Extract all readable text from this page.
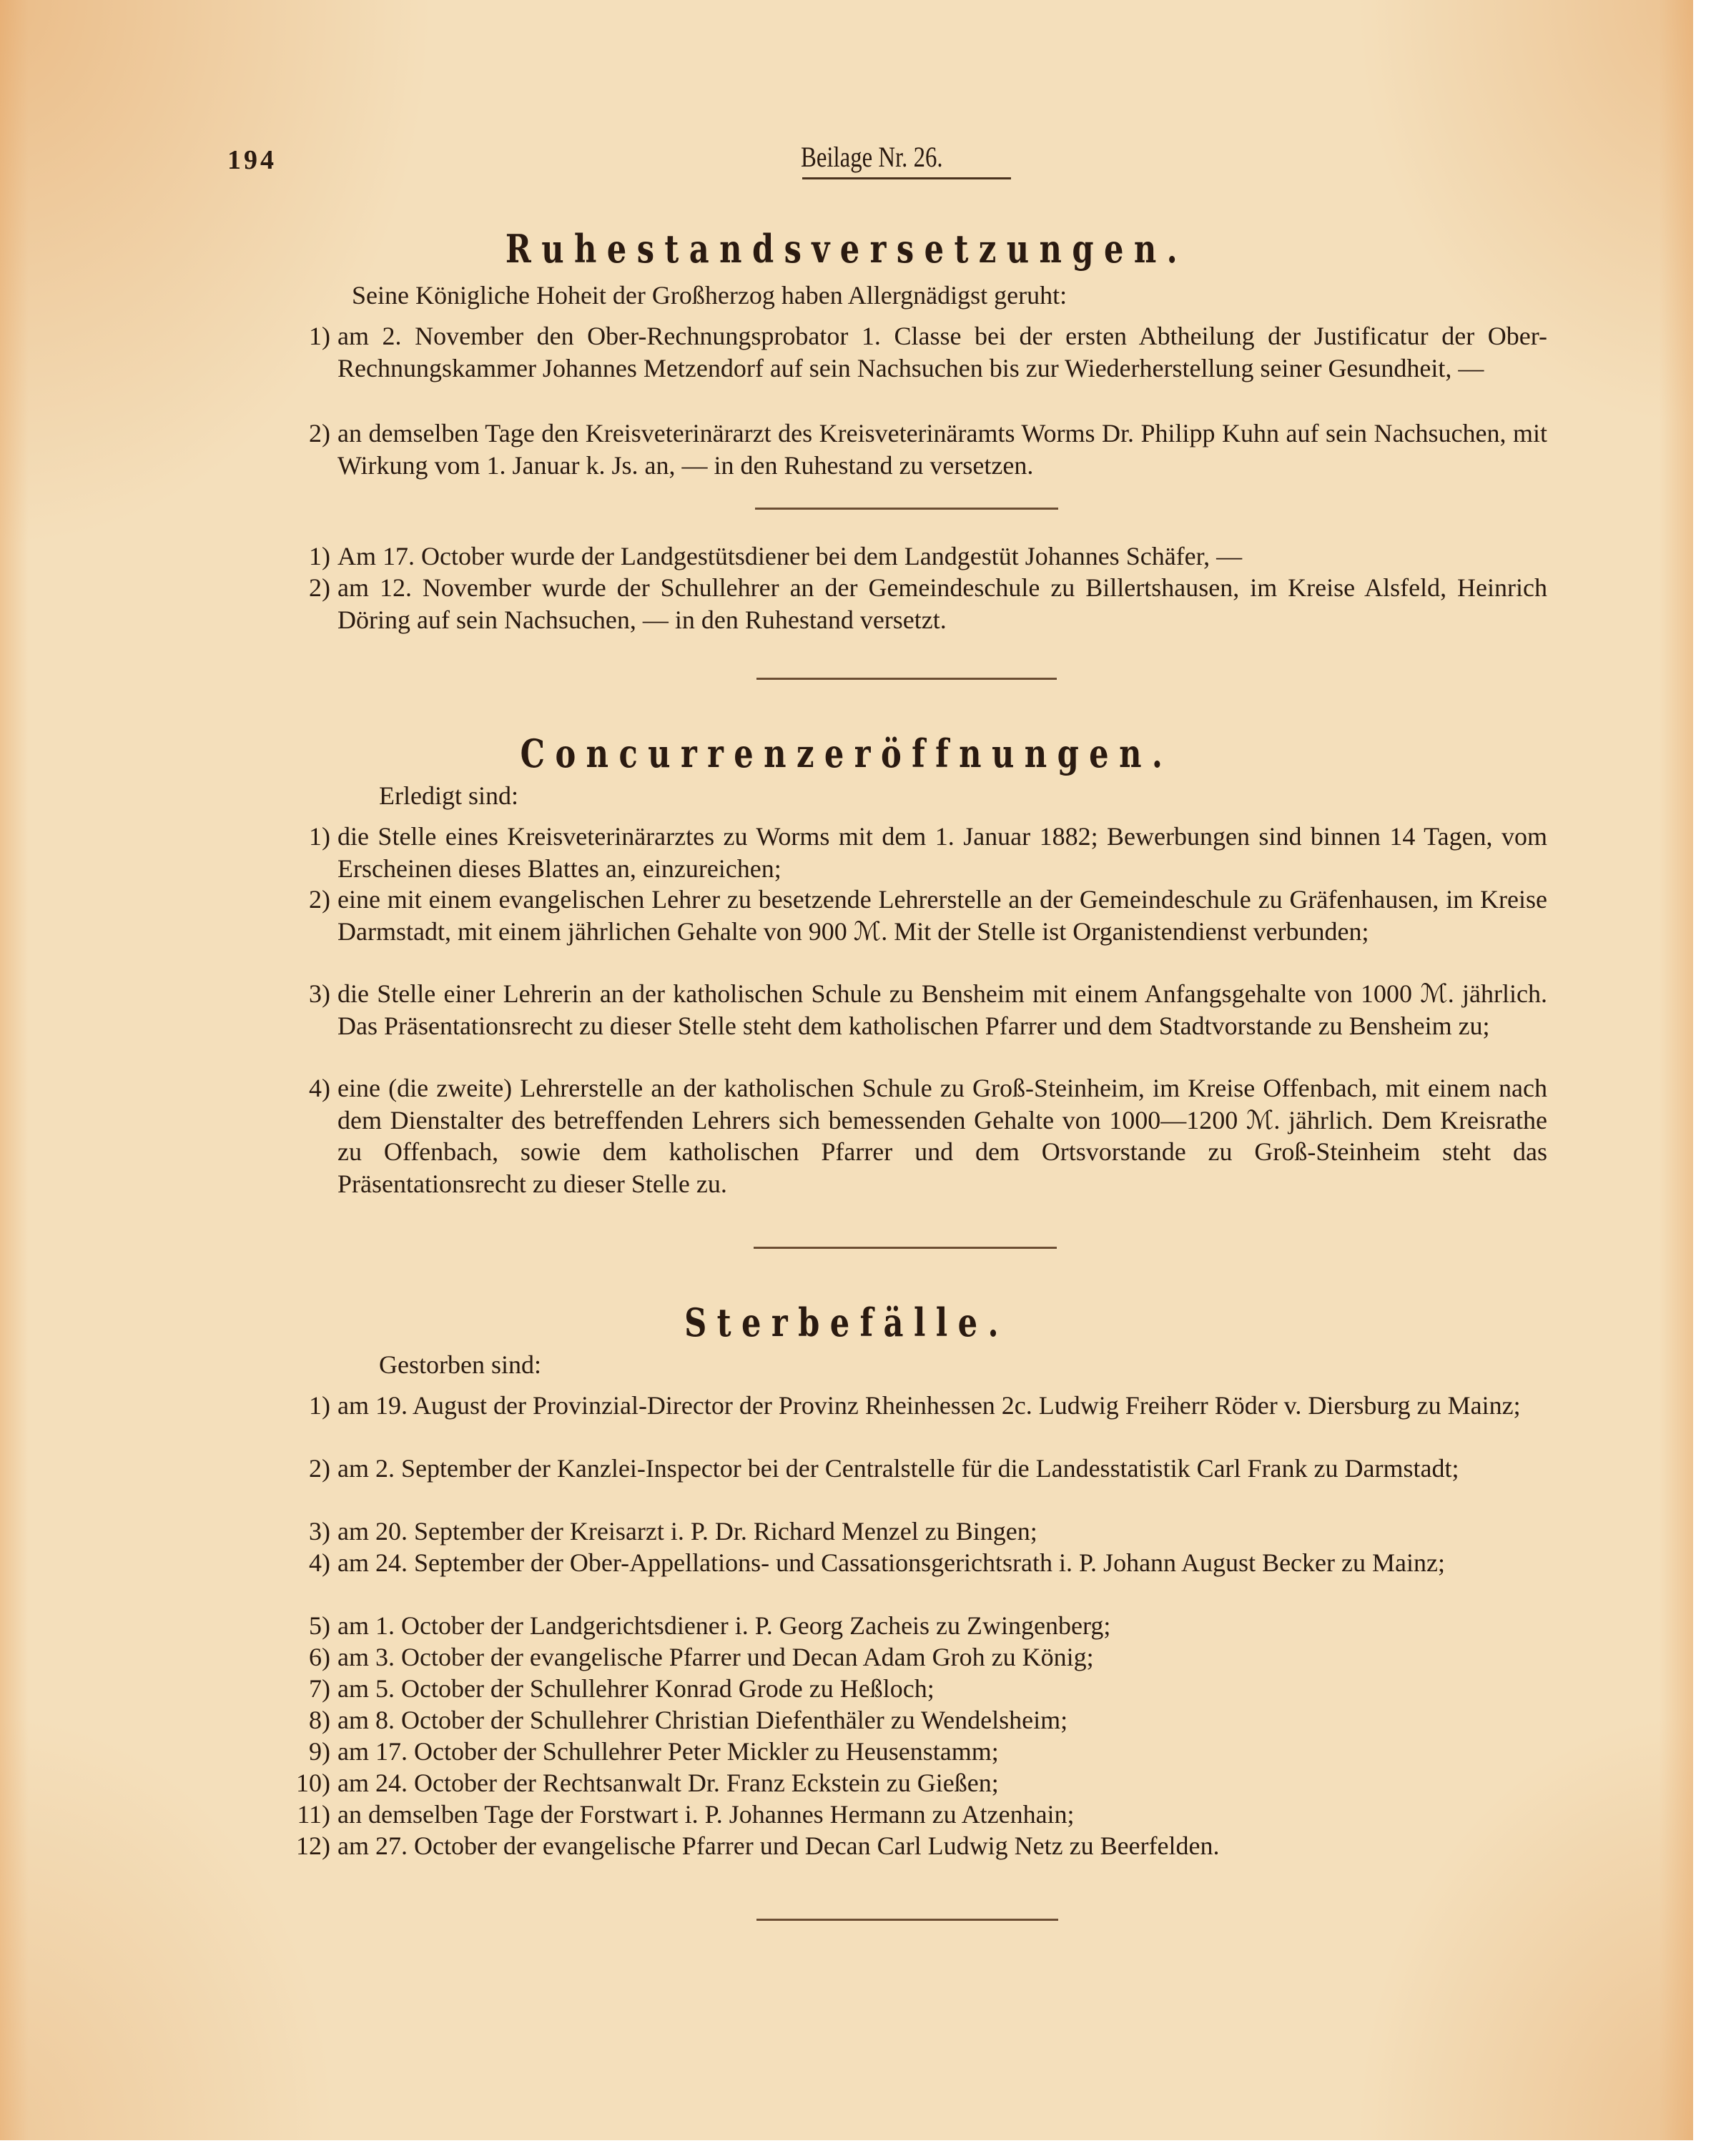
194	Beilage Nr. 26.
Ruhestandsversetzungen.
Seine Königliche Hoheit der Großherzog haben Allergnädigst geruht:
1) am 2. November den Ober-Rechnungsprobator 1. Classe bei der ersten Abtheilung der Justificatur der Ober-Rechnungskammer Johannes Metzendorf auf sein Nachsuchen bis zur Wiederherstellung seiner Gesundheit, —
2) an demselben Tage den Kreisveterinärarzt des Kreisveterinäramts Worms Dr. Philipp Kuhn auf sein Nachsuchen, mit Wirkung vom 1. Januar k. Js. an, — in den Ruhestand zu versetzen.
1) Am 17. October wurde der Landgestütsdiener bei dem Landgestüt Johannes Schäfer, —
2) am 12. November wurde der Schullehrer an der Gemeindeschule zu Billertshausen, im Kreise Alsfeld, Heinrich Döring auf sein Nachsuchen, — in den Ruhestand versetzt.
Concurrenzeröffnungen.
Erledigt sind:
1) die Stelle eines Kreisveterinärarztes zu Worms mit dem 1. Januar 1882; Bewerbungen sind binnen 14 Tagen, vom Erscheinen dieses Blattes an, einzureichen;
2) eine mit einem evangelischen Lehrer zu besetzende Lehrerstelle an der Gemeindeschule zu Gräfenhausen, im Kreise Darmstadt, mit einem jährlichen Gehalte von 900 ℳ. Mit der Stelle ist Organistendienst verbunden;
3) die Stelle einer Lehrerin an der katholischen Schule zu Bensheim mit einem Anfangsgehalte von 1000 ℳ. jährlich. Das Präsentationsrecht zu dieser Stelle steht dem katholischen Pfarrer und dem Stadtvorstande zu Bensheim zu;
4) eine (die zweite) Lehrerstelle an der katholischen Schule zu Groß-Steinheim, im Kreise Offenbach, mit einem nach dem Dienstalter des betreffenden Lehrers sich bemessenden Gehalte von 1000—1200 ℳ. jährlich. Dem Kreisrathe zu Offenbach, sowie dem katholischen Pfarrer und dem Ortsvorstande zu Groß-Steinheim steht das Präsentationsrecht zu dieser Stelle zu.
Sterbefälle.
Gestorben sind:
1) am 19. August der Provinzial-Director der Provinz Rheinhessen 2c. Ludwig Freiherr Röder v. Diersburg zu Mainz;
2) am 2. September der Kanzlei-Inspector bei der Centralstelle für die Landesstatistik Carl Frank zu Darmstadt;
3) am 20. September der Kreisarzt i. P. Dr. Richard Menzel zu Bingen;
4) am 24. September der Ober-Appellations- und Cassationsgerichtsrath i. P. Johann August Becker zu Mainz;
5) am 1. October der Landgerichtsdiener i. P. Georg Zacheis zu Zwingenberg;
6) am 3. October der evangelische Pfarrer und Decan Adam Groh zu König;
7) am 5. October der Schullehrer Konrad Grode zu Heßloch;
8) am 8. October der Schullehrer Christian Diefenthäler zu Wendelsheim;
9) am 17. October der Schullehrer Peter Mickler zu Heusenstamm;
10) am 24. October der Rechtsanwalt Dr. Franz Eckstein zu Gießen;
11) an demselben Tage der Forstwart i. P. Johannes Hermann zu Atzenhain;
12) am 27. October der evangelische Pfarrer und Decan Carl Ludwig Netz zu Beerfelden.
